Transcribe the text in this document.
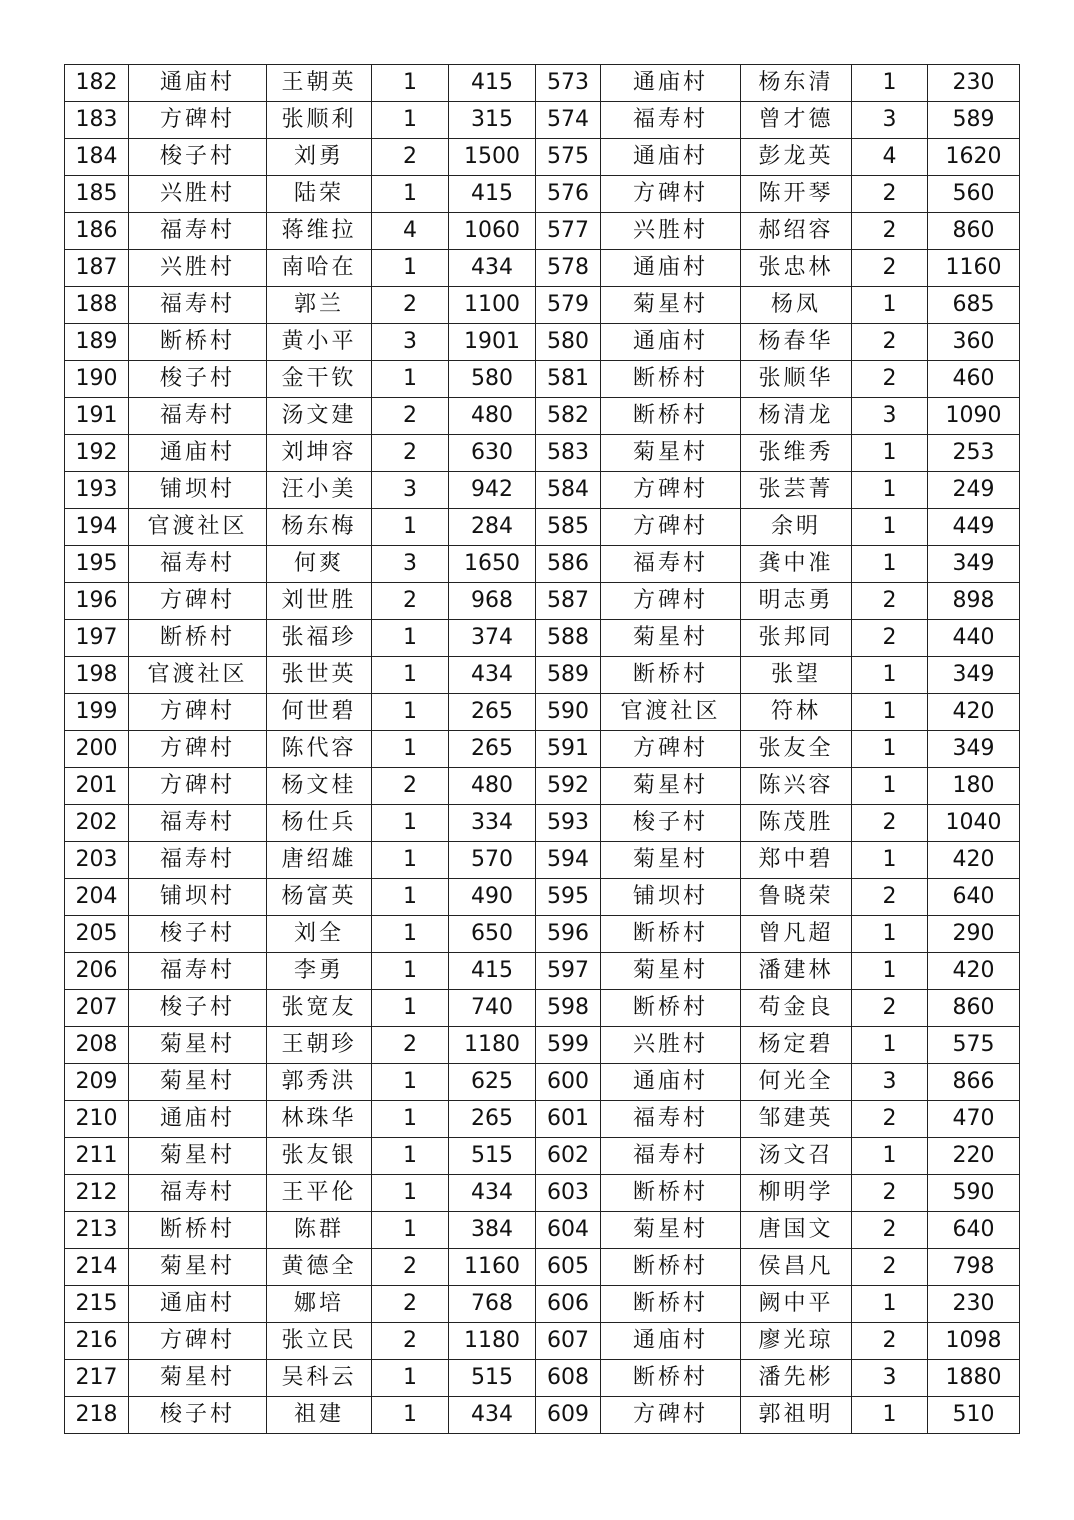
182	通庙村	王朝英	1	415	573	通庙村	杨东清	1	230
183	方碑村	张顺利	1	315	574	福寿村	曾才德	3	589
184	梭子村	刘勇	2	1500	575	通庙村	彭龙英	4	1620
185	兴胜村	陆荣	1	415	576	方碑村	陈开琴	2	560
186	福寿村	蒋维拉	4	1060	577	兴胜村	郝绍容	2	860
187	兴胜村	南哈在	1	434	578	通庙村	张忠林	2	1160
188	福寿村	郭兰	2	1100	579	菊星村	杨凤	1	685
189	断桥村	黄小平	3	1901	580	通庙村	杨春华	2	360
190	梭子村	金干钦	1	580	581	断桥村	张顺华	2	460
191	福寿村	汤文建	2	480	582	断桥村	杨清龙	3	1090
192	通庙村	刘坤容	2	630	583	菊星村	张维秀	1	253
193	铺坝村	汪小美	3	942	584	方碑村	张芸菁	1	249
194	官渡社区	杨东梅	1	284	585	方碑村	余明	1	449
195	福寿村	何爽	3	1650	586	福寿村	龚中准	1	349
196	方碑村	刘世胜	2	968	587	方碑村	明志勇	2	898
197	断桥村	张福珍	1	374	588	菊星村	张邦同	2	440
198	官渡社区	张世英	1	434	589	断桥村	张望	1	349
199	方碑村	何世碧	1	265	590	官渡社区	符林	1	420
200	方碑村	陈代容	1	265	591	方碑村	张友全	1	349
201	方碑村	杨文桂	2	480	592	菊星村	陈兴容	1	180
202	福寿村	杨仕兵	1	334	593	梭子村	陈茂胜	2	1040
203	福寿村	唐绍雄	1	570	594	菊星村	郑中碧	1	420
204	铺坝村	杨富英	1	490	595	铺坝村	鲁晓荣	2	640
205	梭子村	刘全	1	650	596	断桥村	曾凡超	1	290
206	福寿村	李勇	1	415	597	菊星村	潘建林	1	420
207	梭子村	张宽友	1	740	598	断桥村	苟金良	2	860
208	菊星村	王朝珍	2	1180	599	兴胜村	杨定碧	1	575
209	菊星村	郭秀洪	1	625	600	通庙村	何光全	3	866
210	通庙村	林珠华	1	265	601	福寿村	邹建英	2	470
211	菊星村	张友银	1	515	602	福寿村	汤文召	1	220
212	福寿村	王平伦	1	434	603	断桥村	柳明学	2	590
213	断桥村	陈群	1	384	604	菊星村	唐国文	2	640
214	菊星村	黄德全	2	1160	605	断桥村	侯昌凡	2	798
215	通庙村	娜培	2	768	606	断桥村	阙中平	1	230
216	方碑村	张立民	2	1180	607	通庙村	廖光琼	2	1098
217	菊星村	吴科云	1	515	608	断桥村	潘先彬	3	1880
218	梭子村	祖建	1	434	609	方碑村	郭祖明	1	510
